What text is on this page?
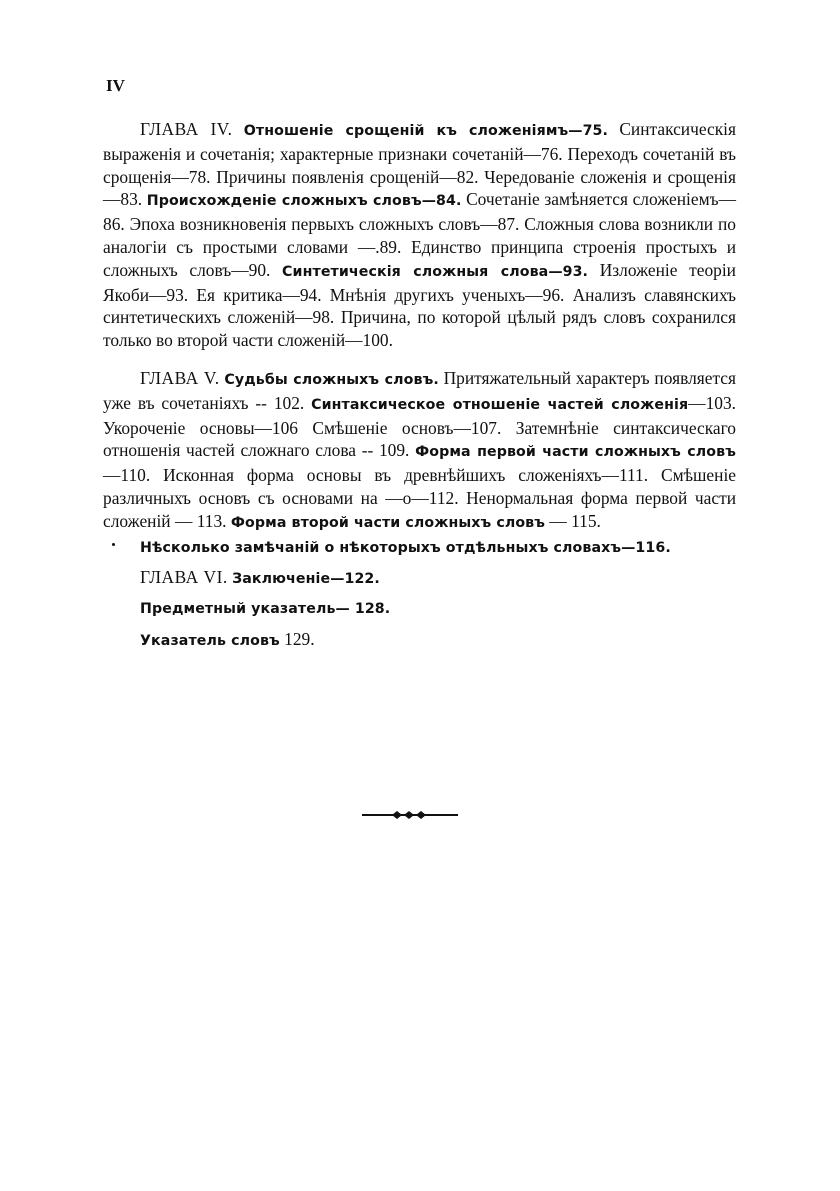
IV

ГЛАВА IV. Отношеніе срощеній къ сложеніямъ—75. Синтаксическія выраженія и сочетанія; характерные признаки сочетаній—76. Переходъ сочетаній въ срощенія—78. Причины появленія срощеній—82. Чередованіе сложенія и срощенія—83. Происхожденіе сложныхъ словъ—84. Сочетаніе замѣняется сложеніемъ—86. Эпоха возникновенія первыхъ сложныхъ словъ—87. Сложныя слова возникли по аналогіи съ простыми словами —.89. Единство принципа строенія простыхъ и сложныхъ словъ—90. Синтетическія сложныя слова—93. Изложеніе теоріи Якоби—93. Ея критика—94. Мнѣнія другихъ ученыхъ—96. Анализъ славянскихъ синтетическихъ сложеній—98. Причина, по которой цѣлый рядъ словъ сохранился только во второй части сложеній—100.

ГЛАВА V. Судьбы сложныхъ словъ. Притяжательный характеръ появляется уже въ сочетаніяхъ -- 102. Синтаксическое отношеніе частей сложенія—103. Укороченіе основы—106 Смѣшеніе основъ—107. Затемнѣніе синтаксическаго отношенія частей сложнаго слова -- 109. Форма первой части сложныхъ словъ—110. Исконная форма основы въ древнѣйшихъ сложеніяхъ—111. Смѣшеніе различныхъ основъ съ основами на —о—112. Ненормальная форма первой части сложеній — 113. Форма второй части сложныхъ словъ — 115.

Нѣсколько замѣчаній о нѣкоторыхъ отдѣльныхъ словахъ—116.

ГЛАВА VI. Заключеніе—122.

Предметный указатель— 128.

Указатель словъ 129.
